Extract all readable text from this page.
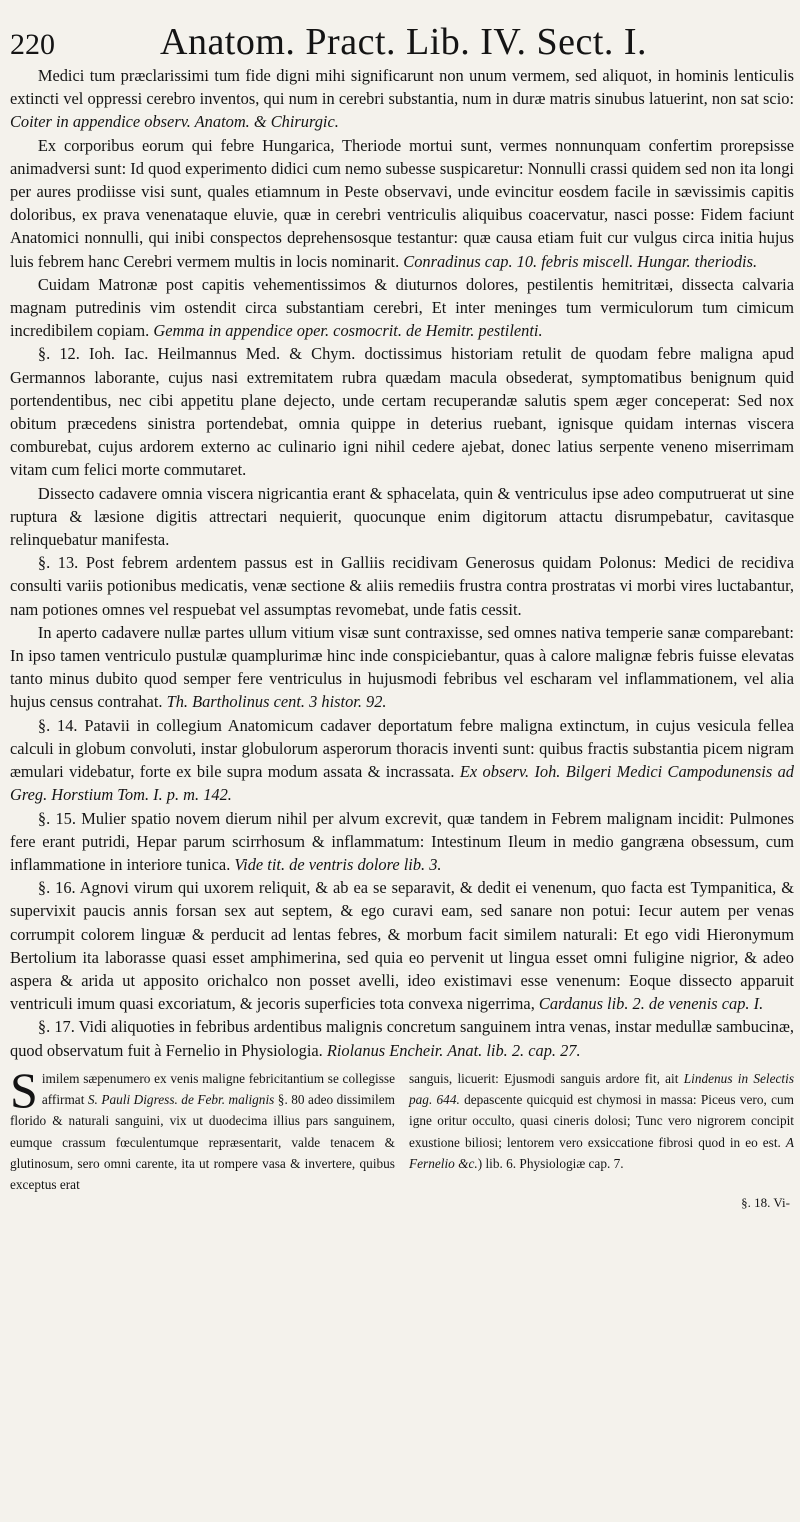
220	Anatom. Pract. Lib. IV. Sect. I.

Medici tum præclarissimi tum fide digni mihi significarunt non unum vermem, sed aliquot, in hominis lenticulis extincti vel oppressi cerebro inventos, qui num in cerebri substantia, num in duræ matris sinubus latuerint, non sat scio: Coiter in appendice observ. Anatom. & Chirurgic.

Ex corporibus eorum qui febre Hungarica, Theriode mortui sunt, vermes nonnunquam confertim prorepsisse animadversi sunt: Id quod experimento didici cum nemo subesse suspicaretur: Nonnulli crassi quidem sed non ita longi per aures prodiisse visi sunt, quales etiamnum in Peste observavi, unde evincitur eosdem facile in sævissimis capitis doloribus, ex prava venenataque eluvie, quæ in cerebri ventriculis aliquibus coacervatur, nasci posse: Fidem faciunt Anatomici nonnulli, qui inibi conspectos deprehensosque testantur: quæ causa etiam fuit cur vulgus circa initia hujus luis febrem hanc Cerebri vermem multis in locis nominarit. Conradinus cap. 10. febris miscell. Hungar. theriodis.

Cuidam Matronæ post capitis vehementissimos & diuturnos dolores, pestilentis hemitritæi, dissecta calvaria magnam putredinis vim ostendit circa substantiam cerebri, Et inter meninges tum vermiculorum tum cimicum incredibilem copiam. Gemma in appendice oper. cosmocrit. de Hemitr. pestilenti.

§. 12. Ioh. Iac. Heilmannus Med. & Chym. doctissimus historiam retulit de quodam febre maligna apud Germannos laborante, cujus nasi extremitatem rubra quædam macula obsederat, symptomatibus benignum quid portendentibus, nec cibi appetitu plane dejecto, unde certam recuperandæ salutis spem æger conceperat: Sed nox obitum præcedens sinistra portendebat, omnia quippe in deterius ruebant, ignisque quidam internas viscera comburebat, cujus ardorem externo ac culinario igni nihil cedere ajebat, donec latius serpente veneno miserrimam vitam cum felici morte commutaret.

Dissecto cadavere omnia viscera nigricantia erant & sphacelata, quin & ventriculus ipse adeo computruerat ut sine ruptura & læsione digitis attrectari nequierit, quocunque enim digitorum attactu disrumpebatur, cavitasque relinquebatur manifesta.

§. 13. Post febrem ardentem passus est in Galliis recidivam Generosus quidam Polonus: Medici de recidiva consulti variis potionibus medicatis, venæ sectione & aliis remediis frustra contra prostratas vi morbi vires luctabantur, nam potiones omnes vel respuebat vel assumptas revomebat, unde fatis cessit.

In aperto cadavere nullæ partes ullum vitium visæ sunt contraxisse, sed omnes nativa temperie sanæ comparebant: In ipso tamen ventriculo pustulæ quamplurimæ hinc inde conspiciebantur, quas à calore malignæ febris fuisse elevatas tanto minus dubito quod semper fere ventriculus in hujusmodi febribus vel escharam vel inflammationem, vel alia hujus census contrahat. Th. Bartholinus cent. 3 histor. 92.

§. 14. Patavii in collegium Anatomicum cadaver deportatum febre maligna extinctum, in cujus vesicula fellea calculi in globum convoluti, instar globulorum asperorum thoracis inventi sunt: quibus fractis substantia picem nigram æmulari videbatur, forte ex bile supra modum assata & incrassata. Ex observ. Ioh. Bilgeri Medici Campodunensis ad Greg. Horstium Tom. I. p. m. 142.

§. 15. Mulier spatio novem dierum nihil per alvum excrevit, quæ tandem in Febrem malignam incidit: Pulmones fere erant putridi, Hepar parum scirrhosum & inflammatum: Intestinum Ileum in medio gangræna obsessum, cum inflammatione in interiore tunica. Vide tit. de ventris dolore lib. 3.

§. 16. Agnovi virum qui uxorem reliquit, & ab ea se separavit, & dedit ei venenum, quo facta est Tympanitica, & supervixit paucis annis forsan sex aut septem, & ego curavi eam, sed sanare non potui: Iecur autem per venas corrumpit colorem linguæ & perducit ad lentas febres, & morbum facit similem naturali: Et ego vidi Hieronymum Bertolium ita laborasse quasi esset amphimerina, sed quia eo pervenit ut lingua esset omni fuligine nigrior, & adeo aspera & arida ut apposito orichalco non posset avelli, ideo existimavi esse venenum: Eoque dissecto apparuit ventriculi imum quasi excoriatum, & jecoris superficies tota convexa nigerrima, Cardanus lib. 2. de venenis cap. I.

§. 17. Vidi aliquoties in febribus ardentibus malignis concretum sanguinem intra venas, instar medullæ sambucinæ, quod observatum fuit à Fernelio in Physiologia. Riolanus Encheir. Anat. lib. 2. cap. 27.

Similem sæpenumero ex venis maligne febricitantium se collegisse affirmat S. Pauli Digress. de Febr. malignis §. 80 adeo dissimilem florido & naturali sanguini, vix ut duodecima illius pars sanguinem, eumque crassum fœculentumque repræsentarit, valde tenacem & glutinosum, sero omni carente, ita ut rompere vasa & invertere, quibus exceptus erat

sanguis, licuerit: Ejusmodi sanguis ardore fit, ait Lindenus in Selectis pag. 644. depascente quicquid est chymosi in massa: Piceus vero, cum igne oritur occulto, quasi cineris dolosi; Tunc vero nigrorem concipit exustione biliosi; lentorem vero exsiccatione fibrosi quod in eo est. A Fernelio &c.) lib. 6. Physiologiæ cap. 7.

§. 18. Vi-
